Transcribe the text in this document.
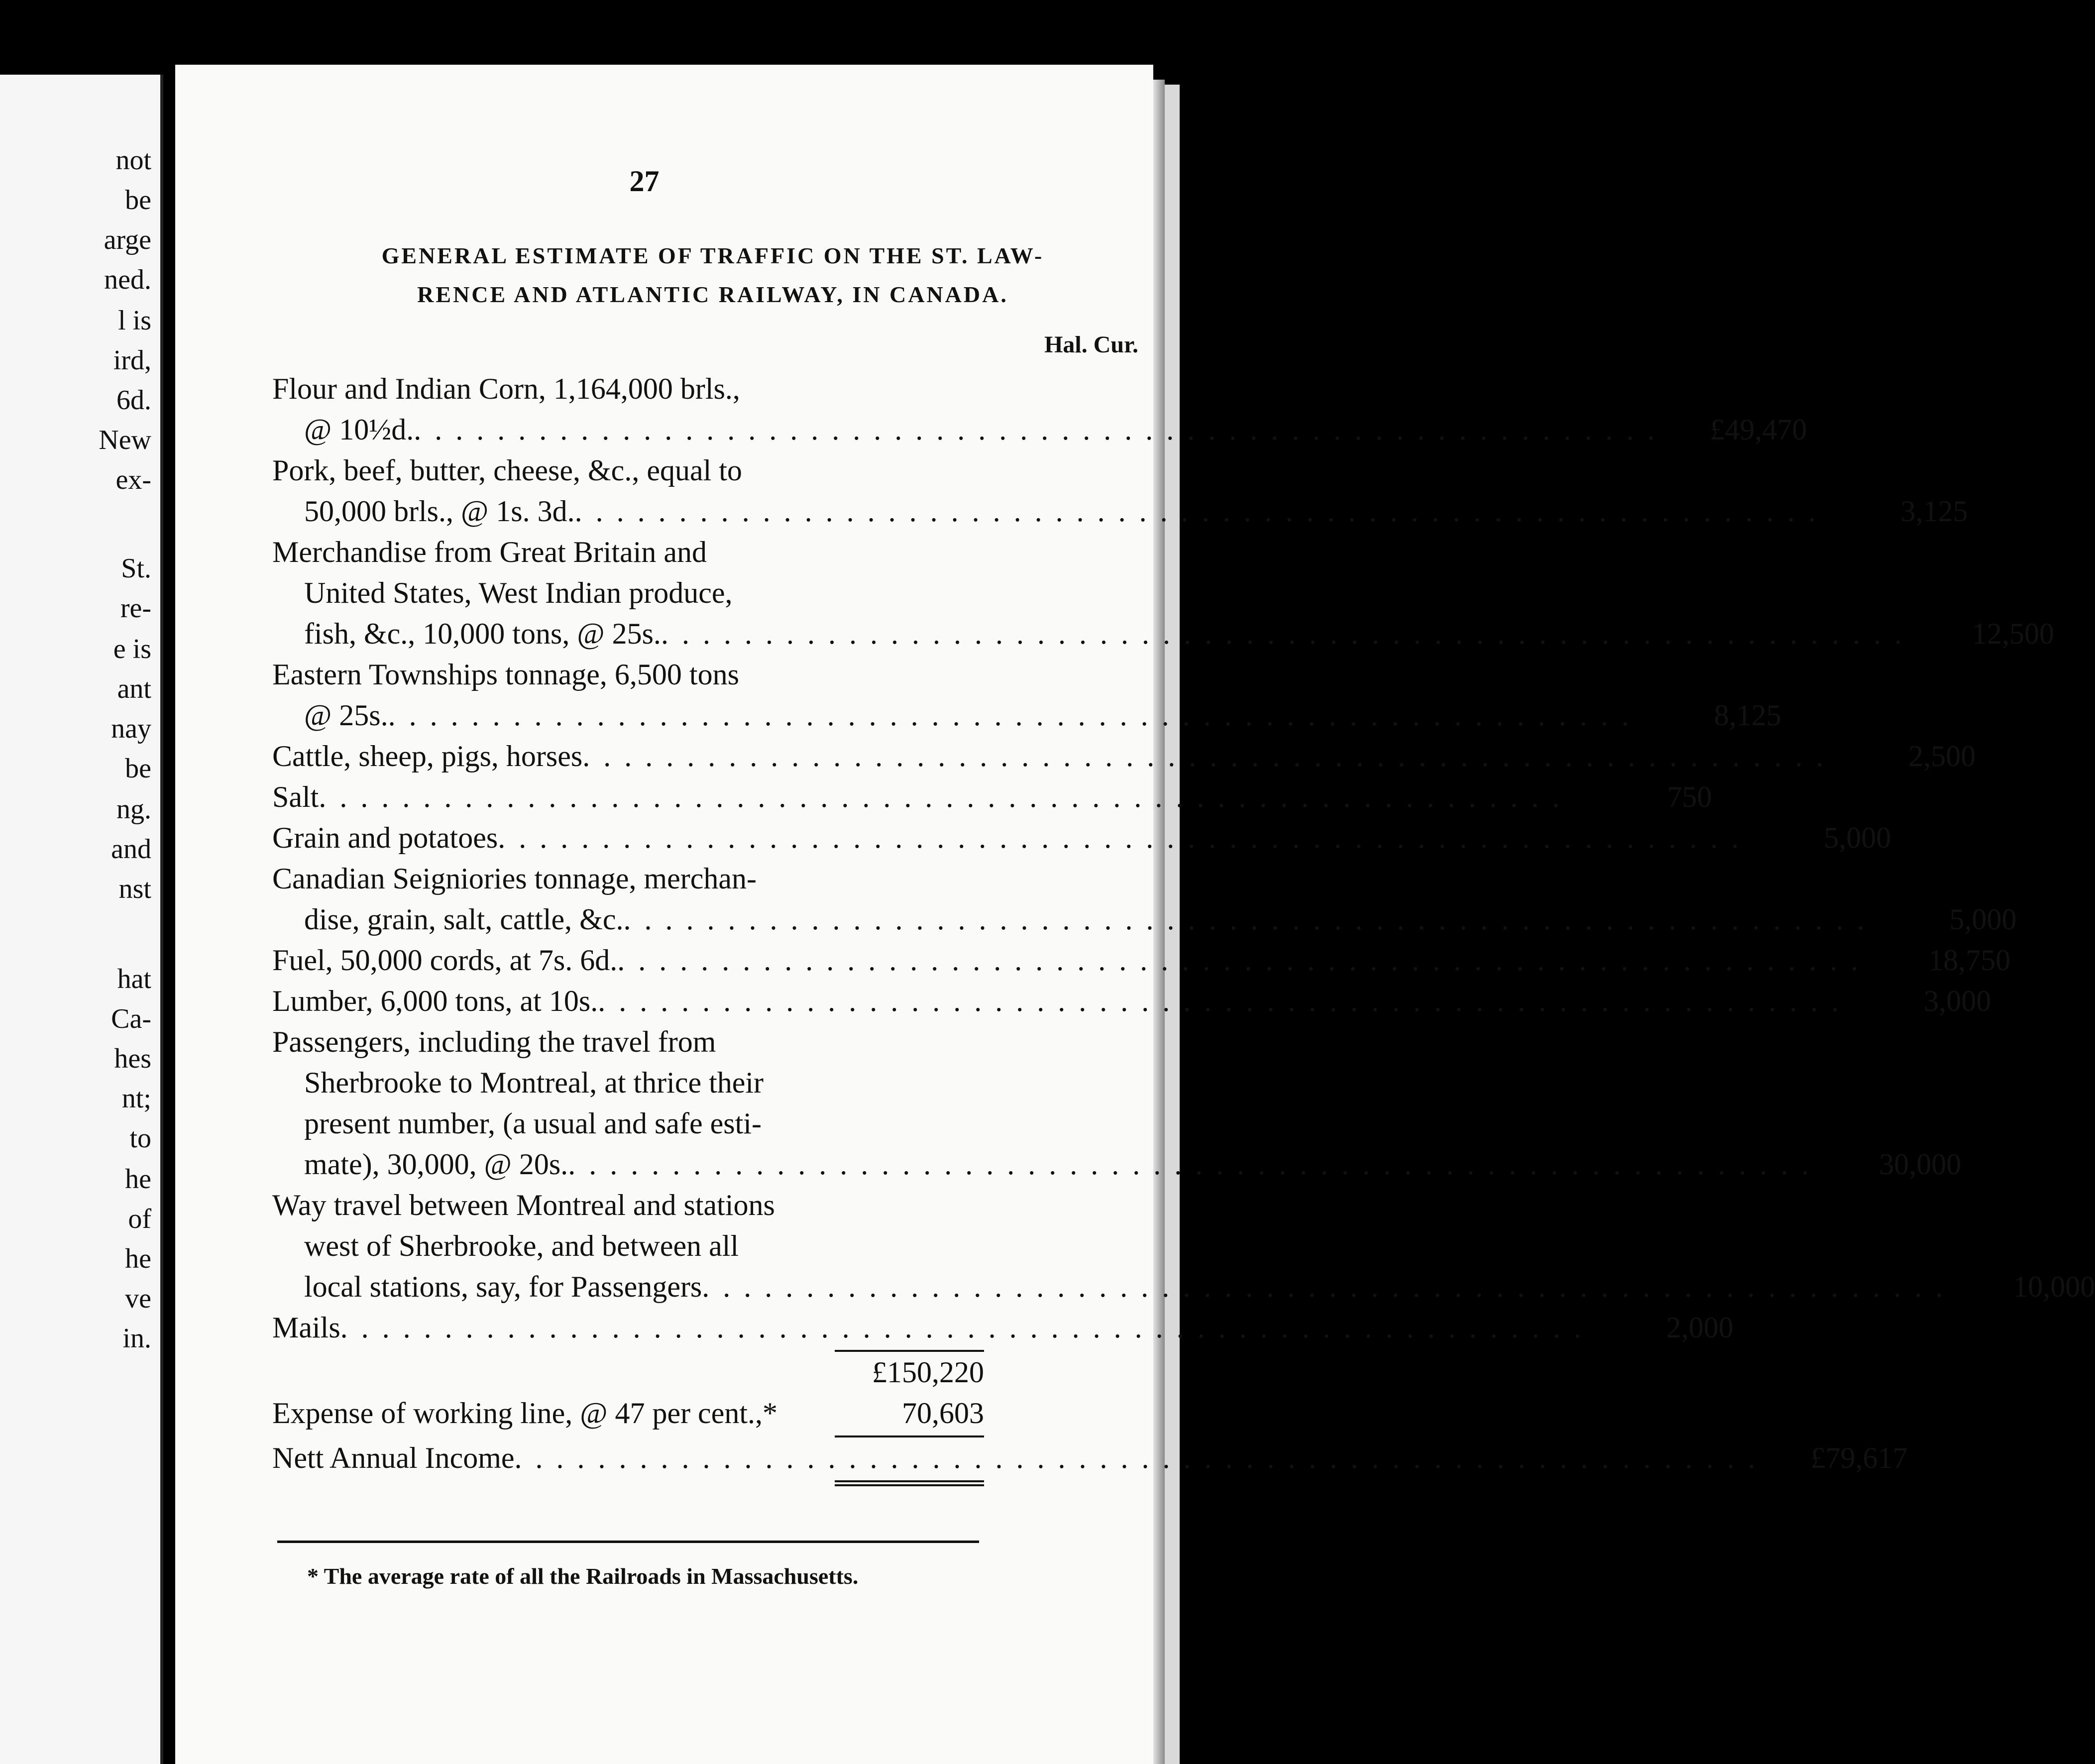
not
be
arge
ned.
l is
ird,
6d.
New
ex-
St.
re-
e is
ant
nay
be
ng.
and
nst
hat
Ca-
hes
nt;
to
he
of
he
ve
in.
27
GENERAL ESTIMATE OF TRAFFIC ON THE ST. LAW-
RENCE AND ATLANTIC RAILWAY, IN CANADA.
Hal. Cur.
Flour and Indian Corn, 1,164,000 brls.,
@ 10½d. . . . . . . . . . . . . . . . . . . . . . . . . . . . . . . . . . . . . . . . . . . . . . . . . . . . . . . . . . . . .	£49,470
Pork, beef, butter, cheese, &c., equal to
50,000 brls., @ 1s. 3d. . . . . . . . . . . . . . . . . . . . . . . . . . . . . . . . . . . . . . . . . . . . . . . . . . . . . . . . . . . . .	3,125
Merchandise from Great Britain and
United States, West Indian produce,
fish, &c., 10,000 tons, @ 25s. . . . . . . . . . . . . . . . . . . . . . . . . . . . . . . . . . . . . . . . . . . . . . . . . . . . . . . . . . . . .	12,500
Eastern Townships tonnage, 6,500 tons
@ 25s. . . . . . . . . . . . . . . . . . . . . . . . . . . . . . . . . . . . . . . . . . . . . . . . . . . . . . . . . . . . .	8,125
Cattle, sheep, pigs, horses . . . . . . . . . . . . . . . . . . . . . . . . . . . . . . . . . . . . . . . . . . . . . . . . . . . . . . . . . . . .	2,500
Salt . . . . . . . . . . . . . . . . . . . . . . . . . . . . . . . . . . . . . . . . . . . . . . . . . . . . . . . . . . . .	750
Grain and potatoes . . . . . . . . . . . . . . . . . . . . . . . . . . . . . . . . . . . . . . . . . . . . . . . . . . . . . . . . . . . .	5,000
Canadian Seigniories tonnage, merchan-
dise, grain, salt, cattle, &c. . . . . . . . . . . . . . . . . . . . . . . . . . . . . . . . . . . . . . . . . . . . . . . . . . . . . . . . . . . . .	5,000
Fuel, 50,000 cords, at 7s. 6d. . . . . . . . . . . . . . . . . . . . . . . . . . . . . . . . . . . . . . . . . . . . . . . . . . . . . . . . . . . . .	18,750
Lumber, 6,000 tons, at 10s. . . . . . . . . . . . . . . . . . . . . . . . . . . . . . . . . . . . . . . . . . . . . . . . . . . . . . . . . . . . .	3,000
Passengers, including the travel from
Sherbrooke to Montreal, at thrice their
present number, (a usual and safe esti-
mate), 30,000, @ 20s. . . . . . . . . . . . . . . . . . . . . . . . . . . . . . . . . . . . . . . . . . . . . . . . . . . . . . . . . . . . .	30,000
Way travel between Montreal and stations
west of Sherbrooke, and between all
local stations, say, for Passengers . . . . . . . . . . . . . . . . . . . . . . . . . . . . . . . . . . . . . . . . . . . . . . . . . . . . . . . . . . . .	10,000
Mails . . . . . . . . . . . . . . . . . . . . . . . . . . . . . . . . . . . . . . . . . . . . . . . . . . . . . . . . . . . .	2,000
£150,220
Expense of working line, @ 47 per cent.,*	70,603
Nett Annual Income . . . . . . . . . . . . . . . . . . . . . . . . . . . . . . . . . . . . . . . . . . . . . . . . . . . . . . . . . . . .	£79,617
* The average rate of all the Railroads in Massachusetts.
